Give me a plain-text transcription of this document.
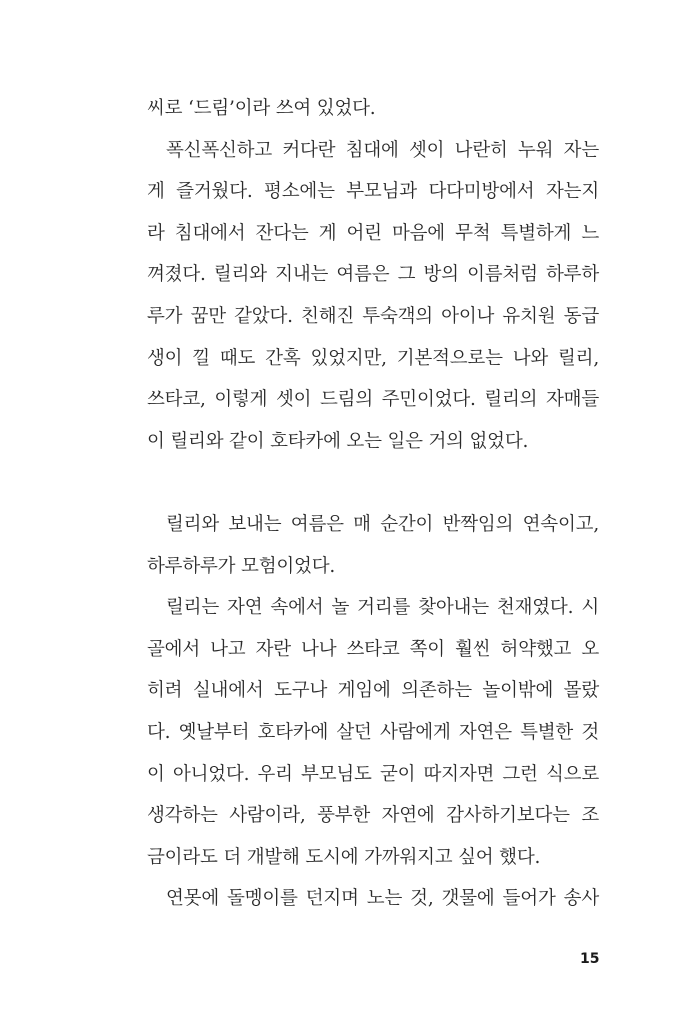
씨로 ‘드림’이라 쓰여 있었다.
폭신폭신하고 커다란 침대에 셋이 나란히 누워 자는
게 즐거웠다. 평소에는 부모님과 다다미방에서 자는지
라 침대에서 잔다는 게 어린 마음에 무척 특별하게 느
껴졌다. 릴리와 지내는 여름은 그 방의 이름처럼 하루하
루가 꿈만 같았다. 친해진 투숙객의 아이나 유치원 동급
생이 낄 때도 간혹 있었지만, 기본적으로는 나와 릴리,
쓰타코, 이렇게 셋이 드림의 주민이었다. 릴리의 자매들
이 릴리와 같이 호타카에 오는 일은 거의 없었다.
릴리와 보내는 여름은 매 순간이 반짝임의 연속이고,
하루하루가 모험이었다.
릴리는 자연 속에서 놀 거리를 찾아내는 천재였다. 시
골에서 나고 자란 나나 쓰타코 쪽이 훨씬 허약했고 오
히려 실내에서 도구나 게임에 의존하는 놀이밖에 몰랐
다. 옛날부터 호타카에 살던 사람에게 자연은 특별한 것
이 아니었다. 우리 부모님도 굳이 따지자면 그런 식으로
생각하는 사람이라, 풍부한 자연에 감사하기보다는 조
금이라도 더 개발해 도시에 가까워지고 싶어 했다.
연못에 돌멩이를 던지며 노는 것, 갯물에 들어가 송사
15
